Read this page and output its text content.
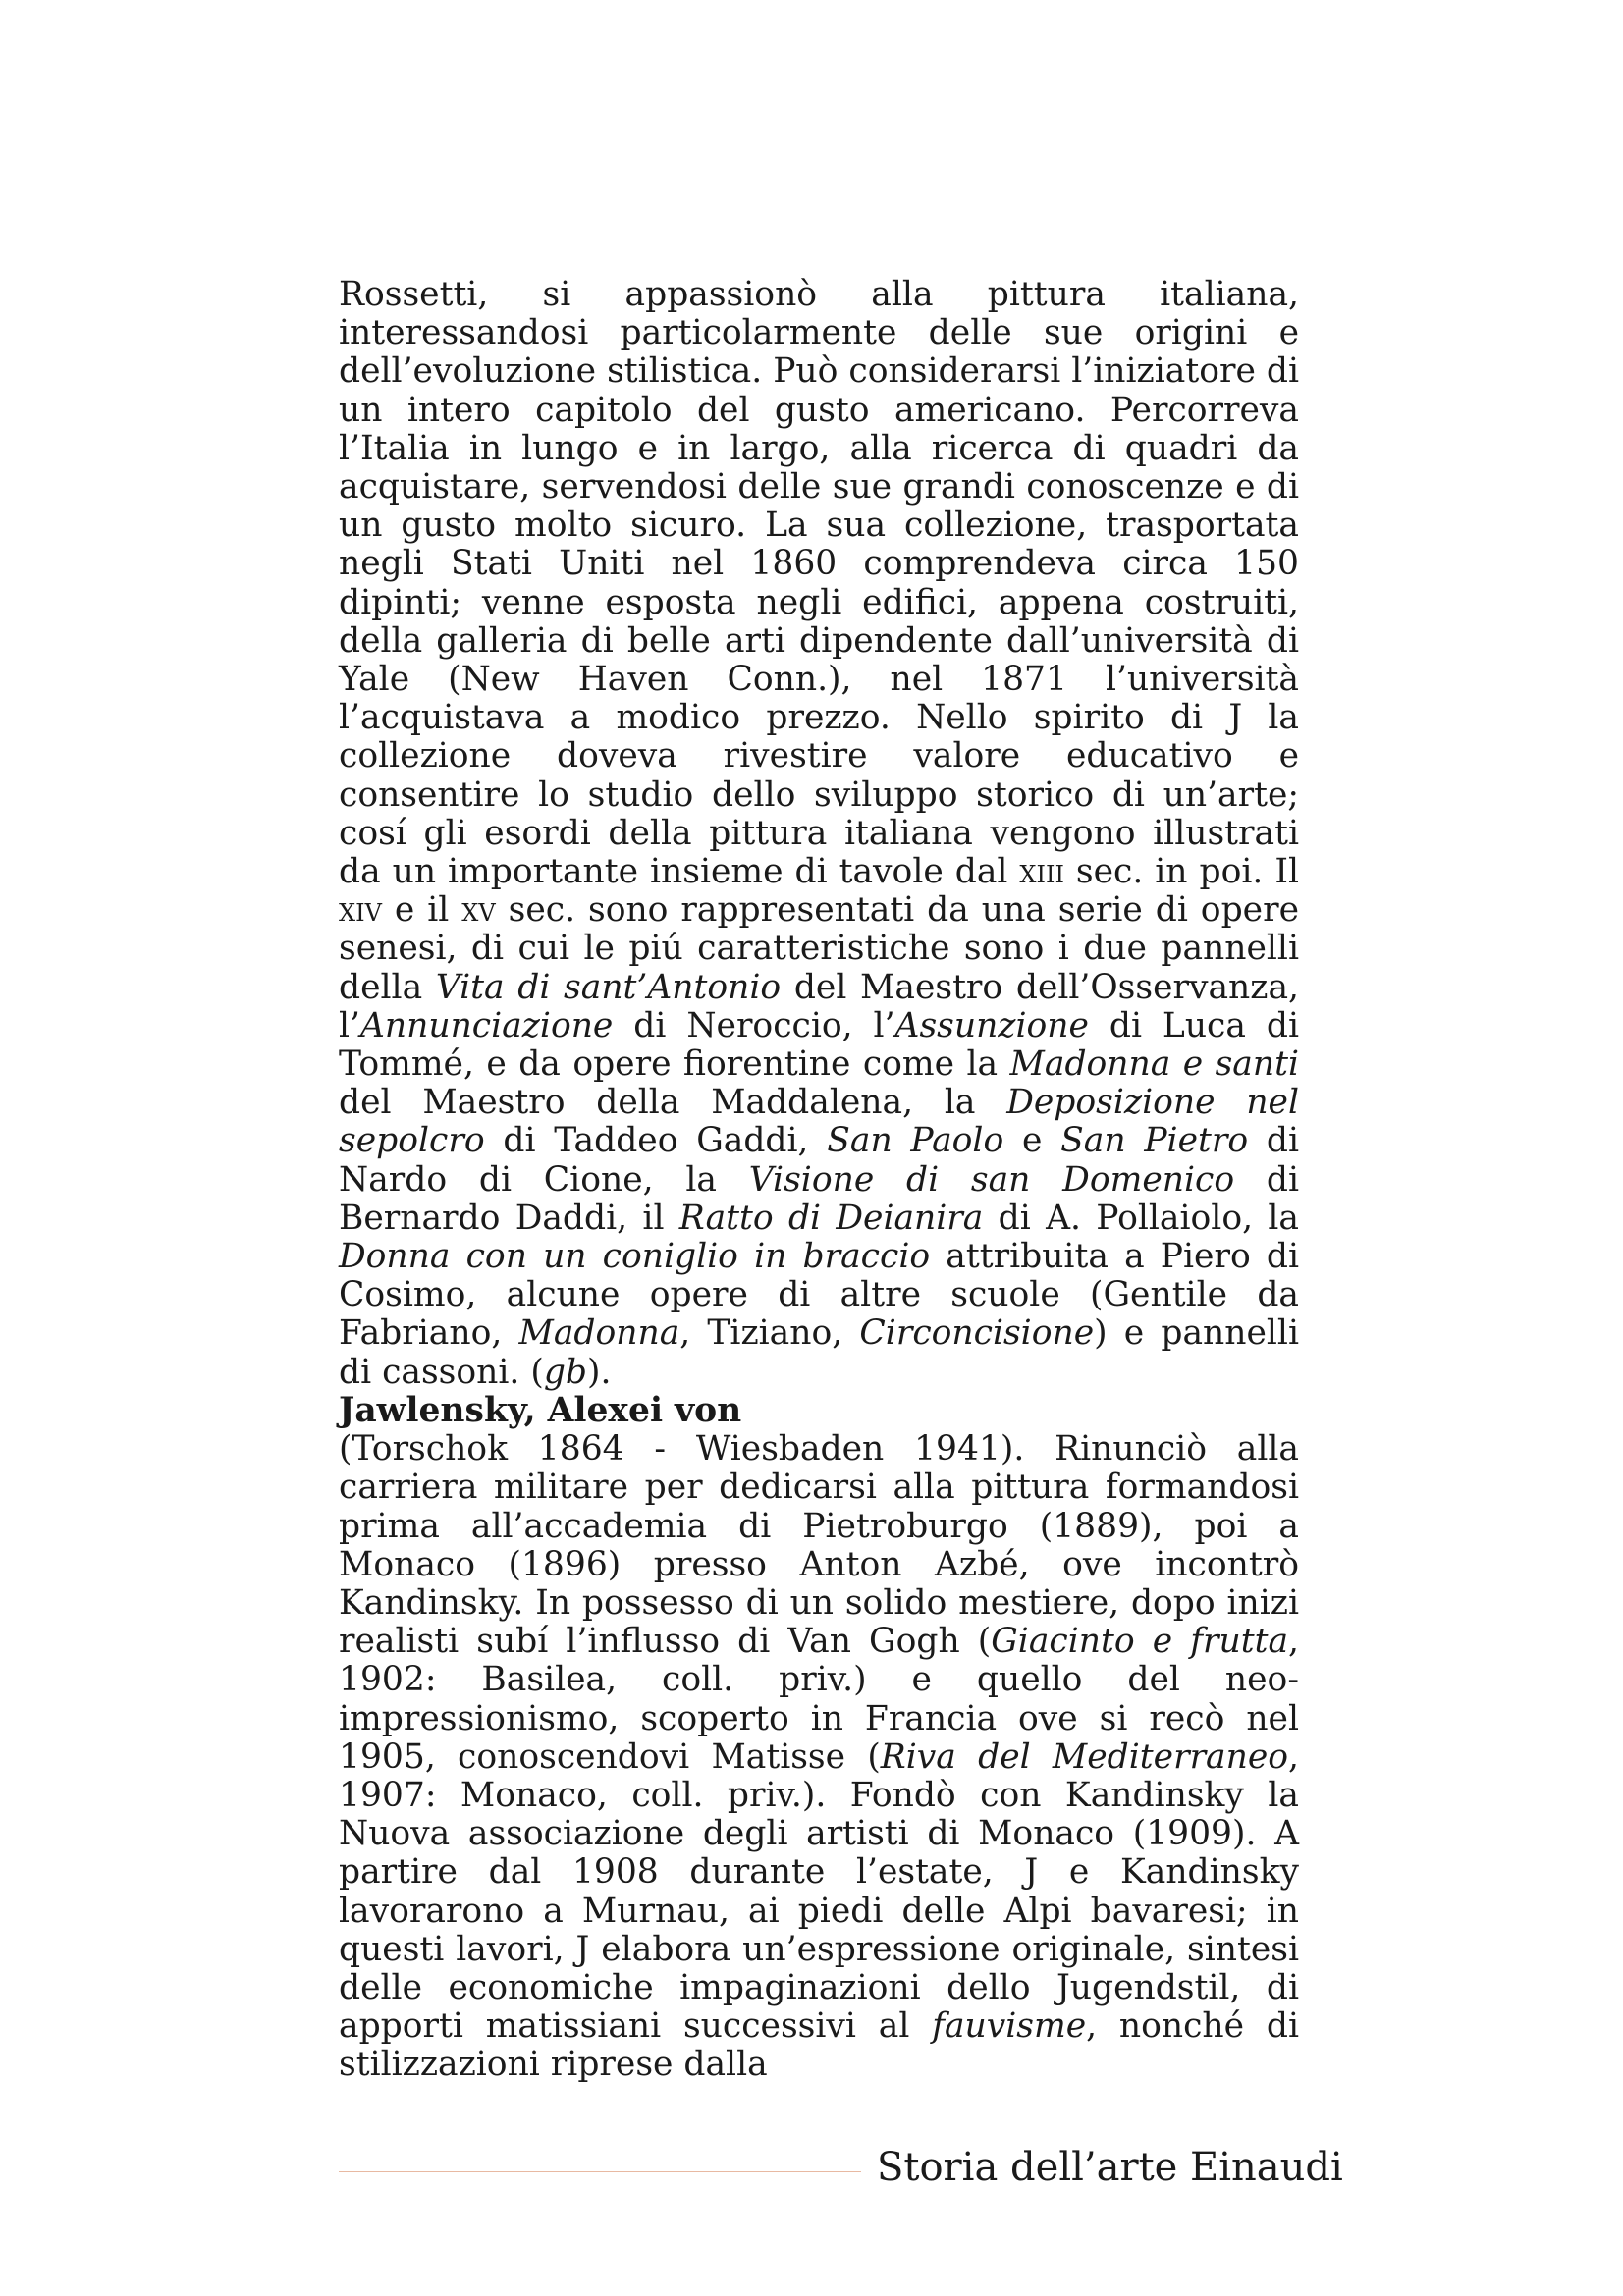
Rossetti, si appassionò alla pittura italiana, interessandosi particolarmente delle sue origini e dell’evoluzione stilistica. Può considerarsi l’iniziatore di un intero capitolo del gusto americano. Percorreva l’Italia in lungo e in largo, alla ricerca di quadri da acquistare, servendosi delle sue grandi conoscenze e di un gusto molto sicuro. La sua collezione, trasportata negli Stati Uniti nel 1860 comprendeva circa 150 dipinti; venne esposta negli edifici, appena costruiti, della galleria di belle arti dipendente dall’università di Yale (New Haven Conn.), nel 1871 l’università l’acquistava a modico prezzo. Nello spirito di J la collezione doveva rivestire valore educativo e consentire lo studio dello sviluppo storico di un’arte; cosí gli esordi della pittura italiana vengono illustrati da un importante insieme di tavole dal xiii sec. in poi. Il xiv e il xv sec. sono rappresentati da una serie di opere senesi, di cui le piú caratteristiche sono i due pannelli della Vita di sant’Antonio del Maestro dell’Osservanza, l’Annunciazione di Neroccio, l’Assunzione di Luca di Tommé, e da opere fiorentine come la Madonna e santi del Maestro della Maddalena, la Deposizione nel sepolcro di Taddeo Gaddi, San Paolo e San Pietro di Nardo di Cione, la Visione di san Domenico di Bernardo Daddi, il Ratto di Deianira di A. Pollaiolo, la Donna con un coniglio in braccio attribuita a Piero di Cosimo, alcune opere di altre scuole (Gentile da Fabriano, Madonna, Tiziano, Circoncisione) e pannelli di cassoni. (gb).

Jawlensky, Alexei von

(Torschok 1864 - Wiesbaden 1941). Rinunciò alla carriera militare per dedicarsi alla pittura formandosi prima all’accademia di Pietroburgo (1889), poi a Monaco (1896) presso Anton Azbé, ove incontrò Kandinsky. In possesso di un solido mestiere, dopo inizi realisti subí l’influsso di Van Gogh (Giacinto e frutta, 1902: Basilea, coll. priv.) e quello del neo-impressionismo, scoperto in Francia ove si recò nel 1905, conoscendovi Matisse (Riva del Mediterraneo, 1907: Monaco, coll. priv.). Fondò con Kandinsky la Nuova associazione degli artisti di Monaco (1909). A partire dal 1908 durante l’estate, J e Kandinsky lavorarono a Murnau, ai piedi delle Alpi bavaresi; in questi lavori, J elabora un’espressione originale, sintesi delle economiche impaginazioni dello Jugendstil, di apporti matissiani successivi al fauvisme, nonché di stilizzazioni riprese dalla

Storia dell’arte Einaudi
